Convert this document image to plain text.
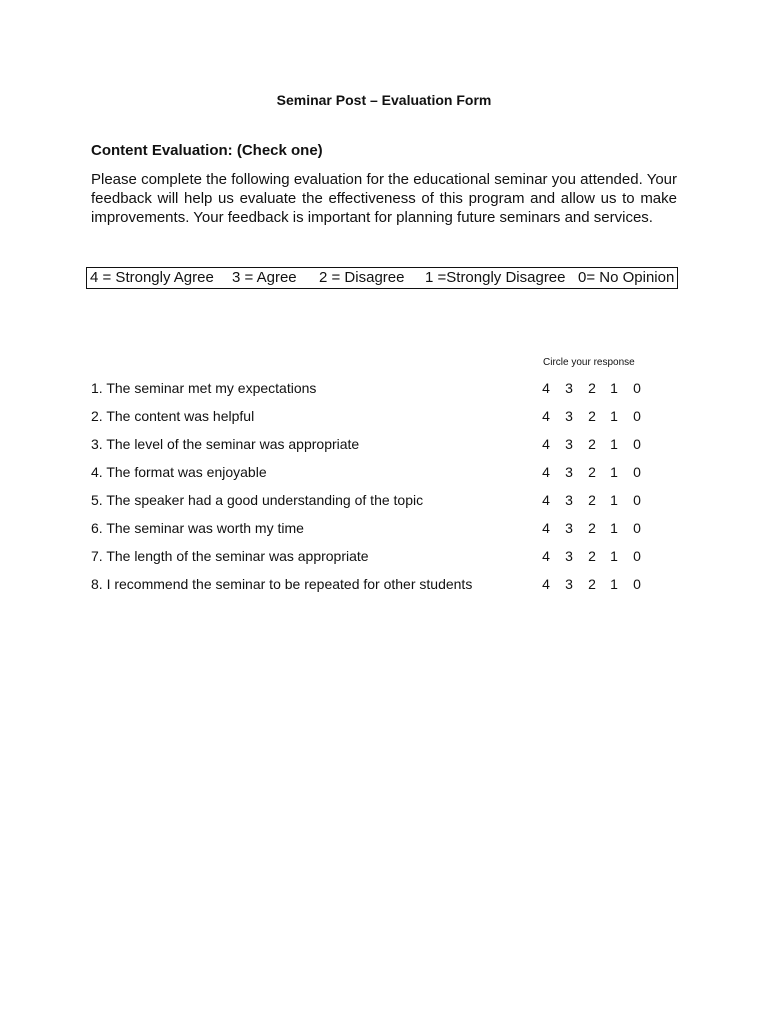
Seminar Post – Evaluation Form
Content Evaluation: (Check one)
Please complete the following evaluation for the educational seminar you attended. Your feedback will help us evaluate the effectiveness of this program and allow us to make improvements. Your feedback is important for planning future seminars and services.
4 = Strongly Agree 3 = Agree 2 = Disagree 1 =Strongly Disagree 0= No Opinion
Circle your response
1. The seminar met my expectations	4 3 2 1 0
2. The content was helpful	4 3 2 1 0
3. The level of the seminar was appropriate	4 3 2 1 0
4. The format was enjoyable	4 3 2 1 0
5. The speaker had a good understanding of the topic	4 3 2 1 0
6. The seminar was worth my time	4 3 2 1 0
7. The length of the seminar was appropriate	4 3 2 1 0
8. I recommend the seminar to be repeated for other students	4 3 2 1 0
